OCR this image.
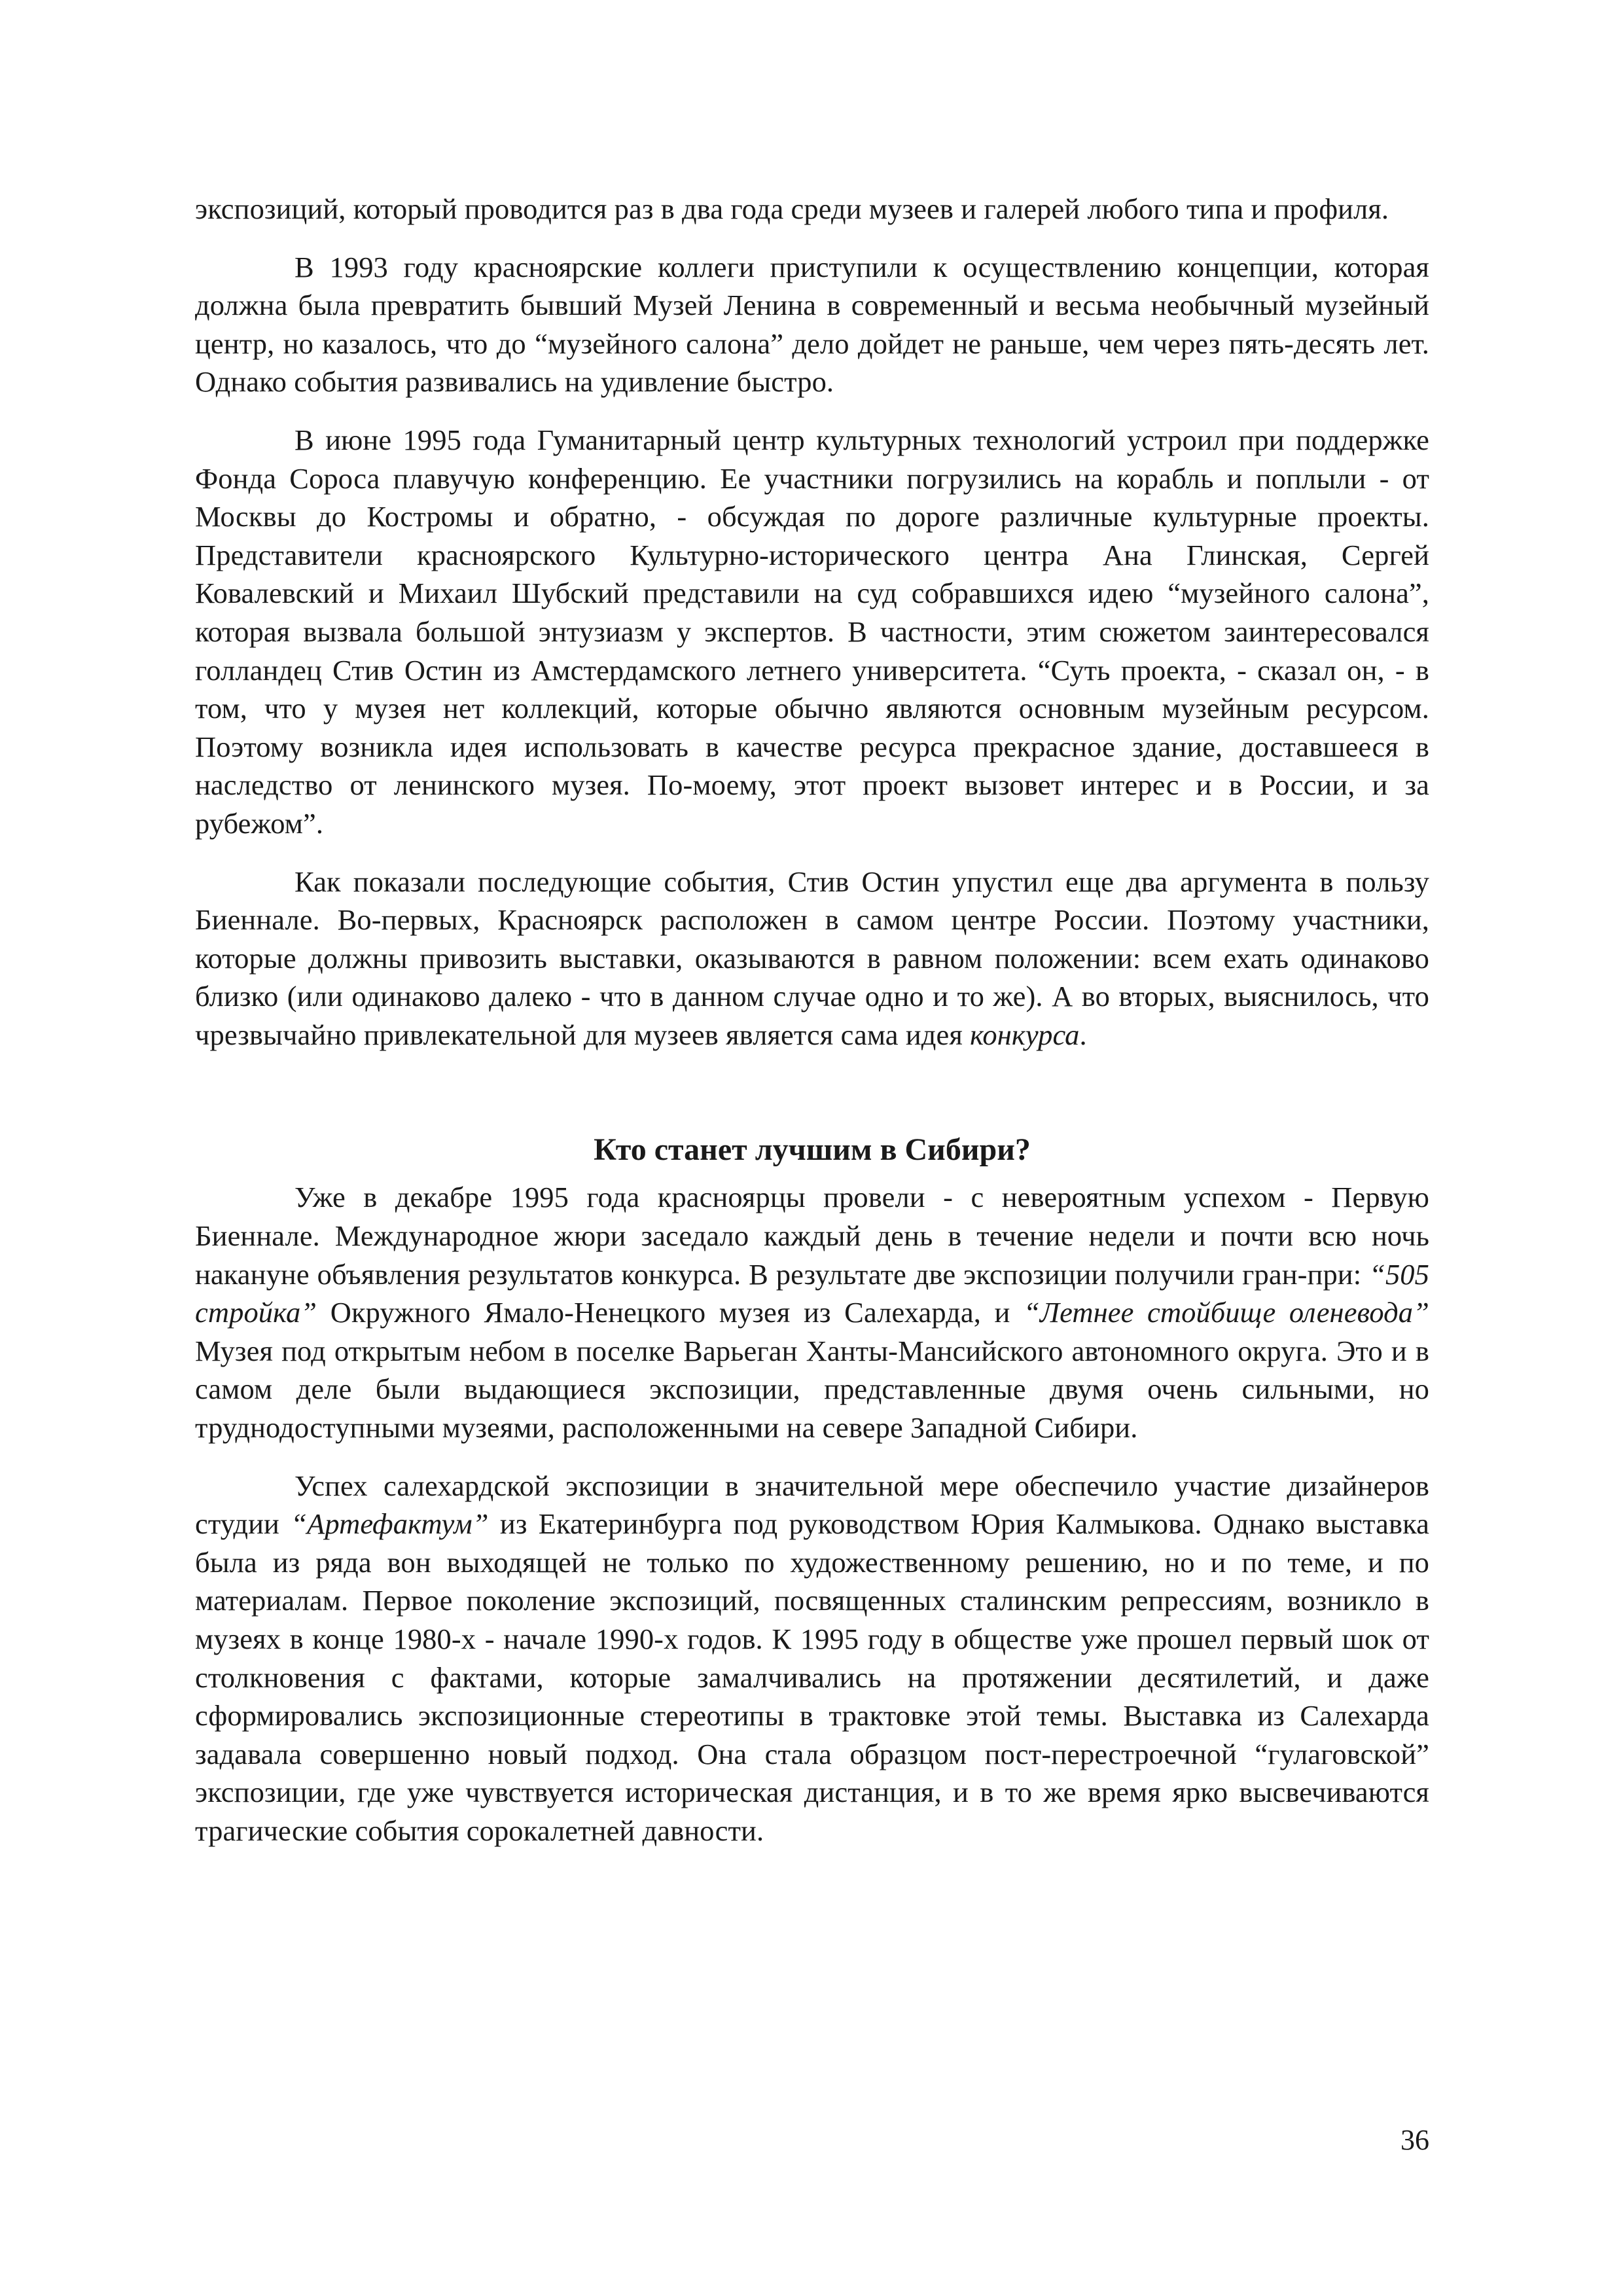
экспозиций, который проводится раз в два года среди музеев и галерей любого типа и профиля.

В 1993 году красноярские коллеги приступили к осуществлению концепции, которая должна была превратить бывший Музей Ленина в современный и весьма необычный музейный центр, но казалось, что до “музейного салона” дело дойдет не раньше, чем через пять-десять лет. Однако события развивались на удивление быстро.

В июне 1995 года Гуманитарный центр культурных технологий устроил при поддержке Фонда Сороса плавучую конференцию. Ее участники погрузились на корабль и поплыли - от Москвы до Костромы и обратно, - обсуждая по дороге различные культурные проекты. Представители красноярского Культурно-исторического центра Ана Глинская, Сергей Ковалевский и Михаил Шубский представили на суд собравшихся идею “музейного салона”, которая вызвала большой энтузиазм у экспертов. В частности, этим сюжетом заинтересовался голландец Стив Остин из Амстердамского летнего университета. “Суть проекта, - сказал он, - в том, что у музея нет коллекций, которые обычно являются основным музейным ресурсом. Поэтому возникла идея использовать в качестве ресурса прекрасное здание, доставшееся в наследство от ленинского музея. По-моему, этот проект вызовет интерес и в России, и за рубежом”.

Как показали последующие события, Стив Остин упустил еще два аргумента в пользу Биеннале. Во-первых, Красноярск расположен в самом центре России. Поэтому участники, которые должны привозить выставки, оказываются в равном положении: всем ехать одинаково близко (или одинаково далеко - что в данном случае одно и то же). А во вторых, выяснилось, что чрезвычайно привлекательной для музеев является сама идея конкурса.

Кто станет лучшим в Сибири?

Уже в декабре 1995 года красноярцы провели - с невероятным успехом - Первую Биеннале. Международное жюри заседало каждый день в течение недели и почти всю ночь накануне объявления результатов конкурса. В результате две экспозиции получили гран-при: “505 стройка” Окружного Ямало-Ненецкого музея из Салехарда, и “Летнее стойбище оленевода” Музея под открытым небом в поселке Варьеган Ханты-Мансийского автономного округа. Это и в самом деле были выдающиеся экспозиции, представленные двумя очень сильными, но труднодоступными музеями, расположенными на севере Западной Сибири.

Успех салехардской экспозиции в значительной мере обеспечило участие дизайнеров студии “Артефактум” из Екатеринбурга под руководством Юрия Калмыкова. Однако выставка была из ряда вон выходящей не только по художественному решению, но и по теме, и по материалам. Первое поколение экспозиций, посвященных сталинским репрессиям, возникло в музеях в конце 1980-х - начале 1990-х годов. К 1995 году в обществе уже прошел первый шок от столкновения с фактами, которые замалчивались на протяжении десятилетий, и даже сформировались экспозиционные стереотипы в трактовке этой темы. Выставка из Салехарда задавала совершенно новый подход. Она стала образцом пост-перестроечной “гулаговской” экспозиции, где уже чувствуется историческая дистанция, и в то же время ярко высвечиваются трагические события сорокалетней давности.

36
